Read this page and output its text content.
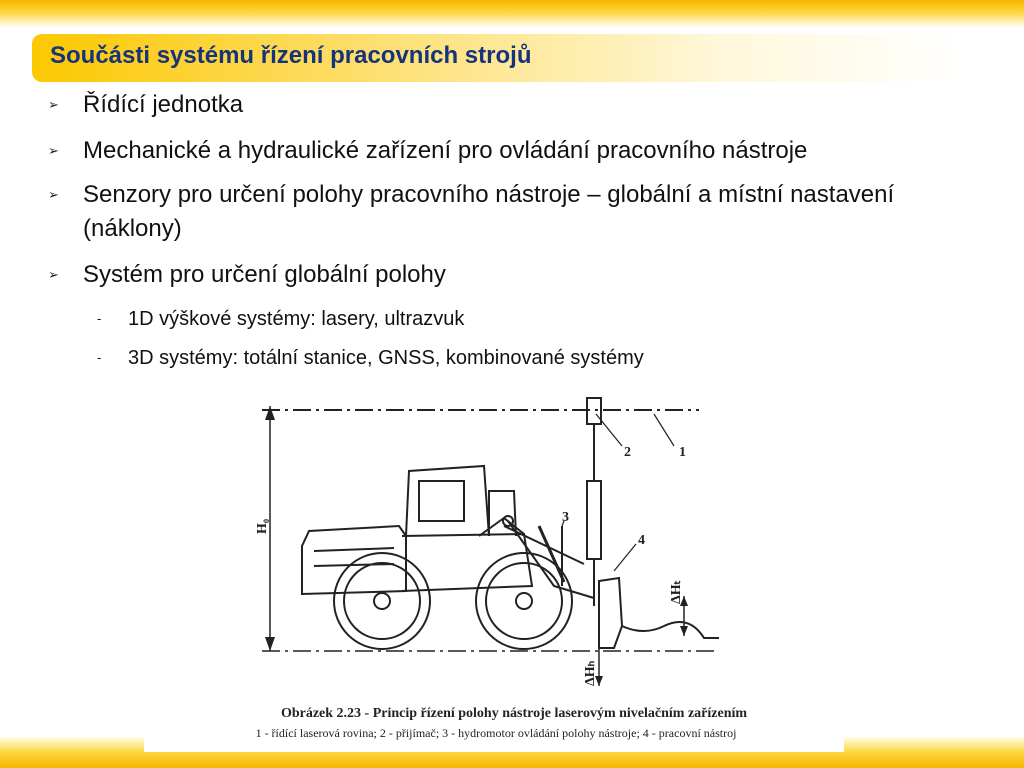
Součásti systému řízení pracovních strojů
➢	Řídící jednotka
➢	Mechanické a hydraulické zařízení pro ovládání pracovního nástroje
➢	Senzory pro určení polohy pracovního nástroje – globální a místní nastavení (náklony)
➢	Systém pro určení globální polohy
- 1D výškové systémy: lasery, ultrazvuk
- 3D systémy: totální stanice, GNSS, kombinované systémy
1
2
3
4
H₀
ΔHₜ
ΔHₕ
Obrázek 2.23 - Princip řízení polohy nástroje laserovým nivelačním zařízením
1 - řídící laserová rovina; 2 - přijímač; 3 - hydromotor ovládání polohy nástroje; 4 - pracovní nástroj
